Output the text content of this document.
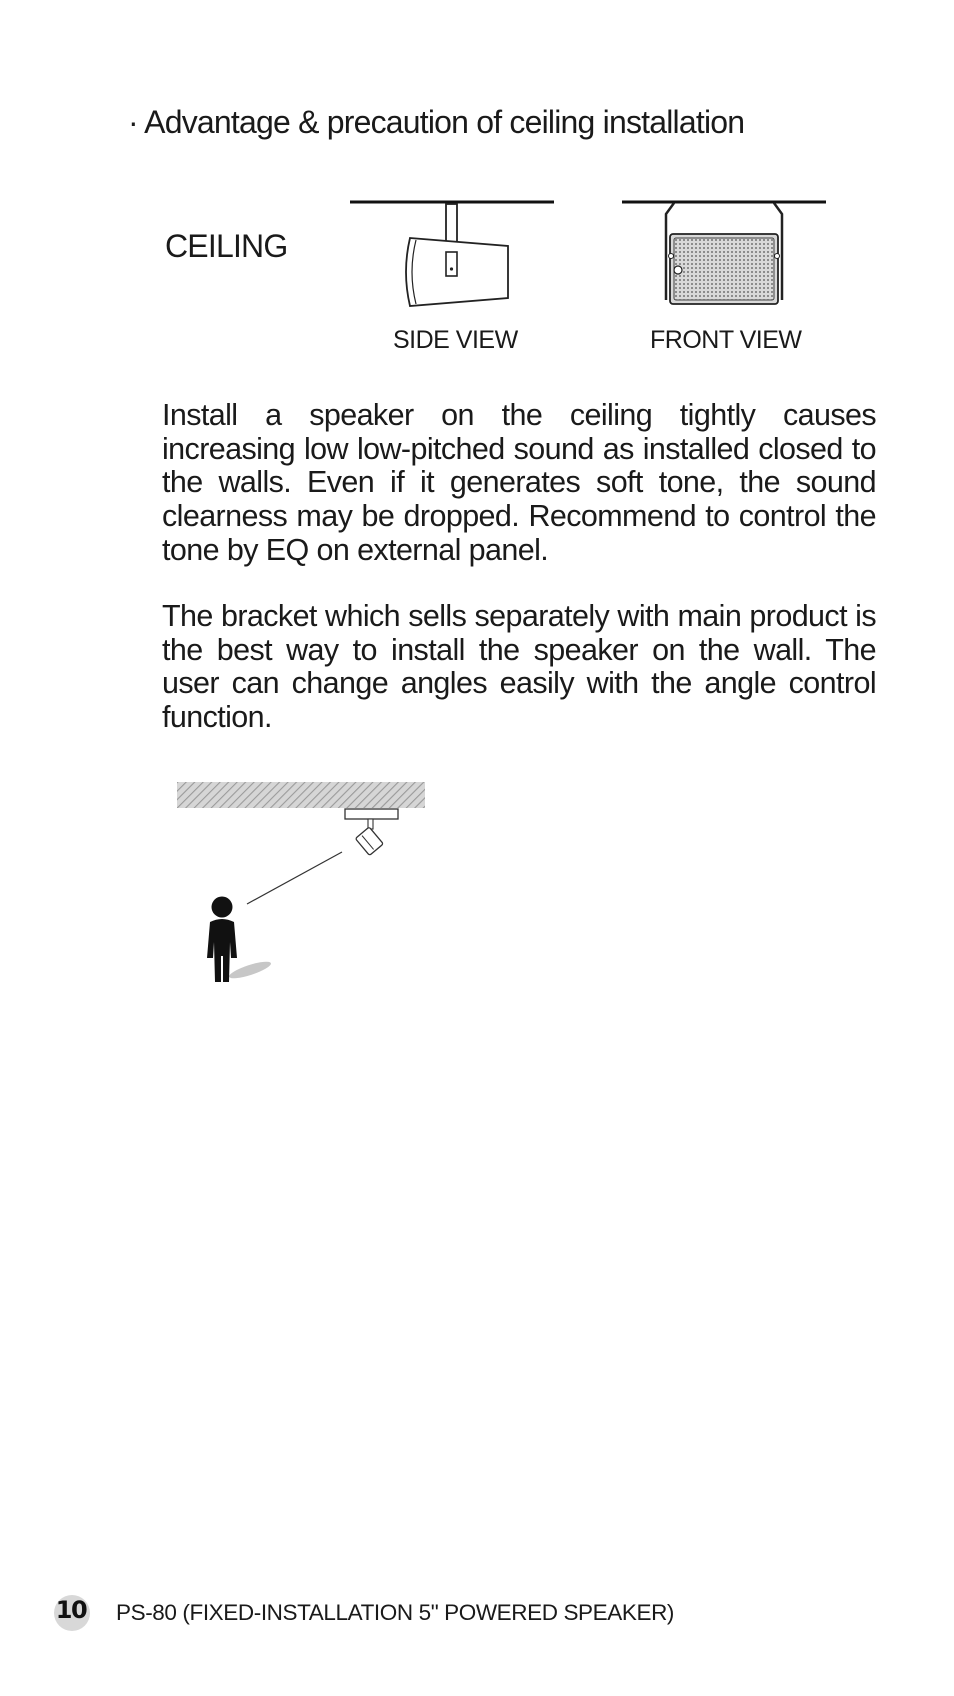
· Advantage & precaution of ceiling installation
CEILING
SIDE VIEW	FRONT VIEW

Install a speaker on the ceiling tightly causes increasing low low-pitched sound as installed closed to the walls. Even if it generates soft tone, the sound clearness may be dropped. Recommend to control the tone by EQ on external panel.

The bracket which sells separately with main product is the best way to install the speaker on the wall. The user can change angles easily with the angle control function.

10 PS-80 (FIXED-INSTALLATION 5" POWERED SPEAKER)
